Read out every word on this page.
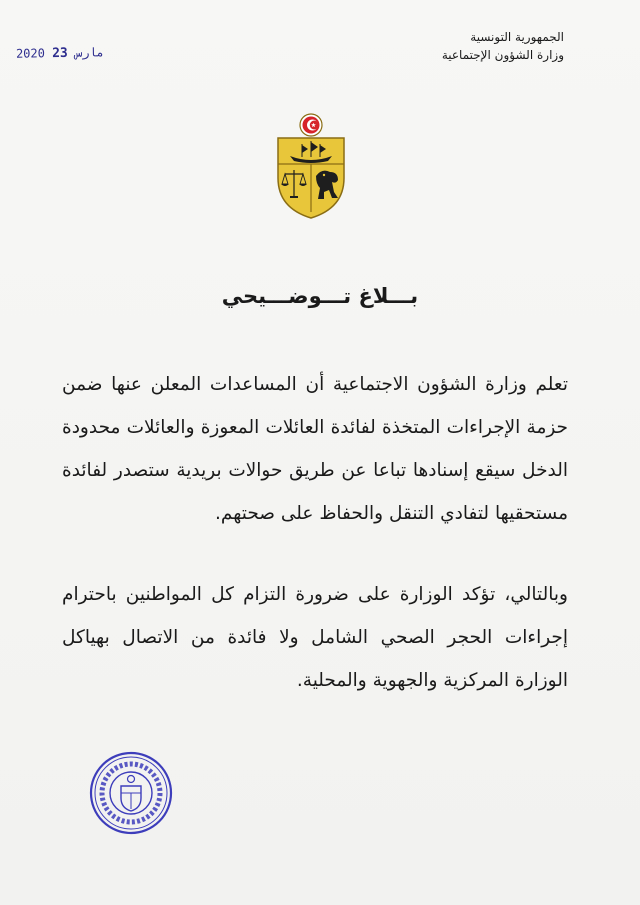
الجمهورية التونسية
وزارة الشؤون الإجتماعية
2020 مارس 23
بـــلاغ تـــوضـــيحي
تعلم وزارة الشؤون الاجتماعية أن المساعدات المعلن عنها ضمن حزمة الإجراءات المتخذة لفائدة العائلات المعوزة والعائلات محدودة الدخل سيقع إسنادها تباعا عن طريق حوالات بريدية ستصدر لفائدة مستحقيها لتفادي التنقل والحفاظ على صحتهم.
وبالتالي، تؤكد الوزارة على ضرورة التزام كل المواطنين باحترام إجراءات الحجر الصحي الشامل ولا فائدة من الاتصال بهياكل الوزارة المركزية والجهوية والمحلية.
